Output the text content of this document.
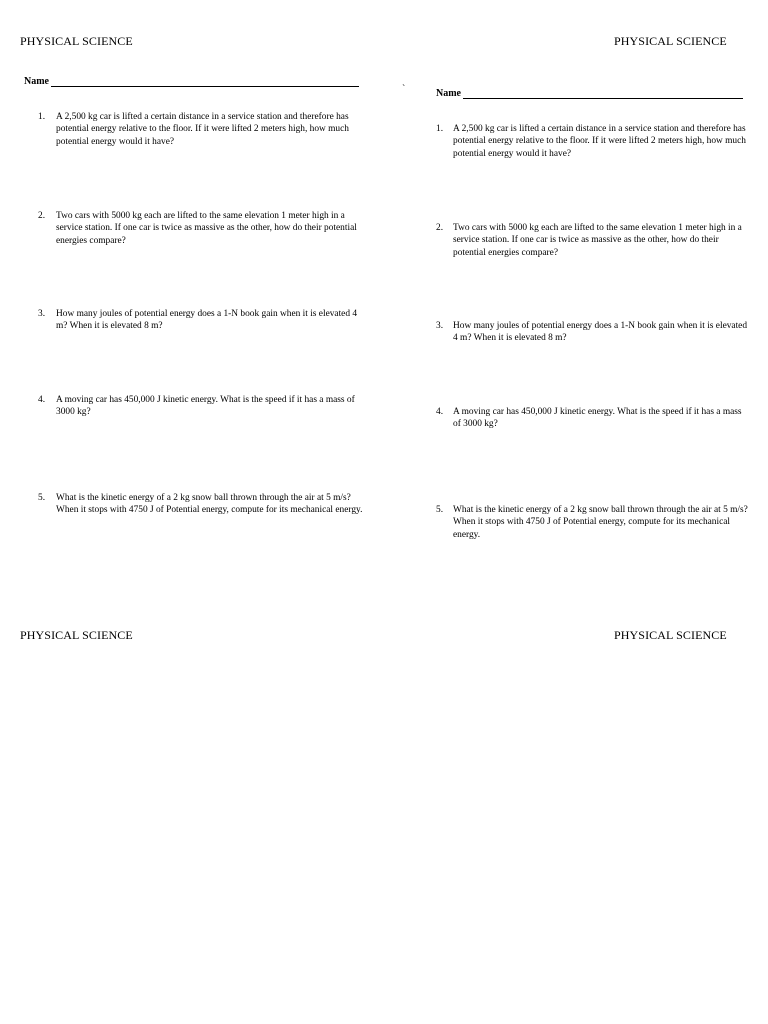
PHYSICAL SCIENCE	PHYSICAL SCIENCE
PHYSICAL SCIENCE	PHYSICAL SCIENCE
Name
1. A 2,500 kg car is lifted a certain distance in a service station and therefore has potential energy relative to the floor. If it were lifted 2 meters high, how much potential energy would it have?
2. Two cars with 5000 kg each are lifted to the same elevation 1 meter high in a service station. If one car is twice as massive as the other, how do their potential energies compare?
3. How many joules of potential energy does a 1-N book gain when it is elevated 4 m? When it is elevated 8 m?
4. A moving car has 450,000 J kinetic energy. What is the speed if it has a mass of 3000 kg?
5. What is the kinetic energy of a 2 kg snow ball thrown through the air at 5 m/s? When it stops with 4750 J of Potential energy, compute for its mechanical energy.
`	Name
1. A 2,500 kg car is lifted a certain distance in a service station and therefore has potential energy relative to the floor. If it were lifted 2 meters high, how much potential energy would it have?
2. Two cars with 5000 kg each are lifted to the same elevation 1 meter high in a service station. If one car is twice as massive as the other, how do their potential energies compare?
3. How many joules of potential energy does a 1-N book gain when it is elevated 4 m? When it is elevated 8 m?
4. A moving car has 450,000 J kinetic energy. What is the speed if it has a mass of 3000 kg?
5. What is the kinetic energy of a 2 kg snow ball thrown through the air at 5 m/s? When it stops with 4750 J of Potential energy, compute for its mechanical energy.
